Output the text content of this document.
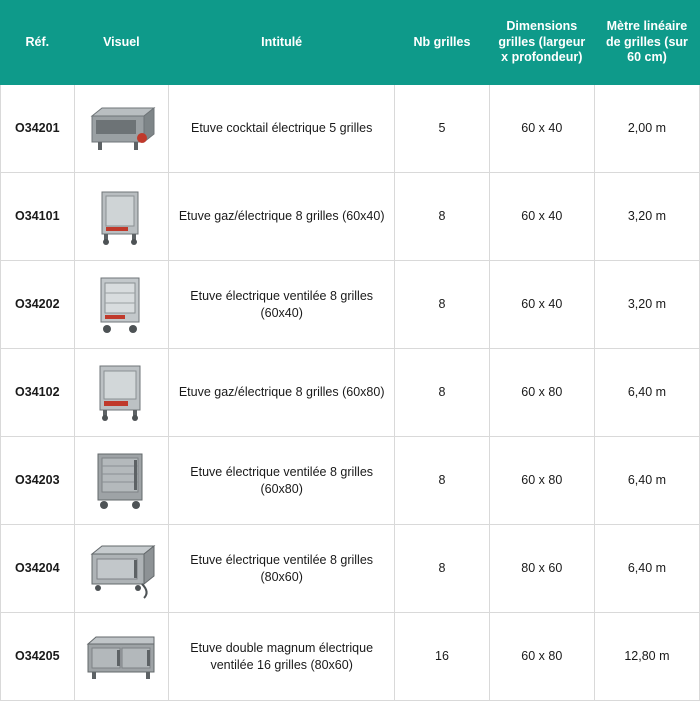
Réf.	Visuel	Intitulé	Nb grilles	Dimensions grilles (largeur x profondeur)	Mètre linéaire de grilles (sur 60 cm)
O34201		Etuve cocktail électrique 5 grilles	5	60 x 40	2,00 m
O34101		Etuve gaz/électrique 8 grilles (60x40)	8	60 x 40	3,20 m
O34202		Etuve électrique ventilée 8 grilles (60x40)	8	60 x 40	3,20 m
O34102		Etuve gaz/électrique 8 grilles (60x80)	8	60 x 80	6,40 m
O34203		Etuve électrique ventilée 8 grilles (60x80)	8	60 x 80	6,40 m
O34204		Etuve électrique ventilée 8 grilles (80x60)	8	80 x 60	6,40 m
O34205		Etuve double magnum électrique ventilée 16 grilles (80x60)	16	60 x 80	12,80 m
